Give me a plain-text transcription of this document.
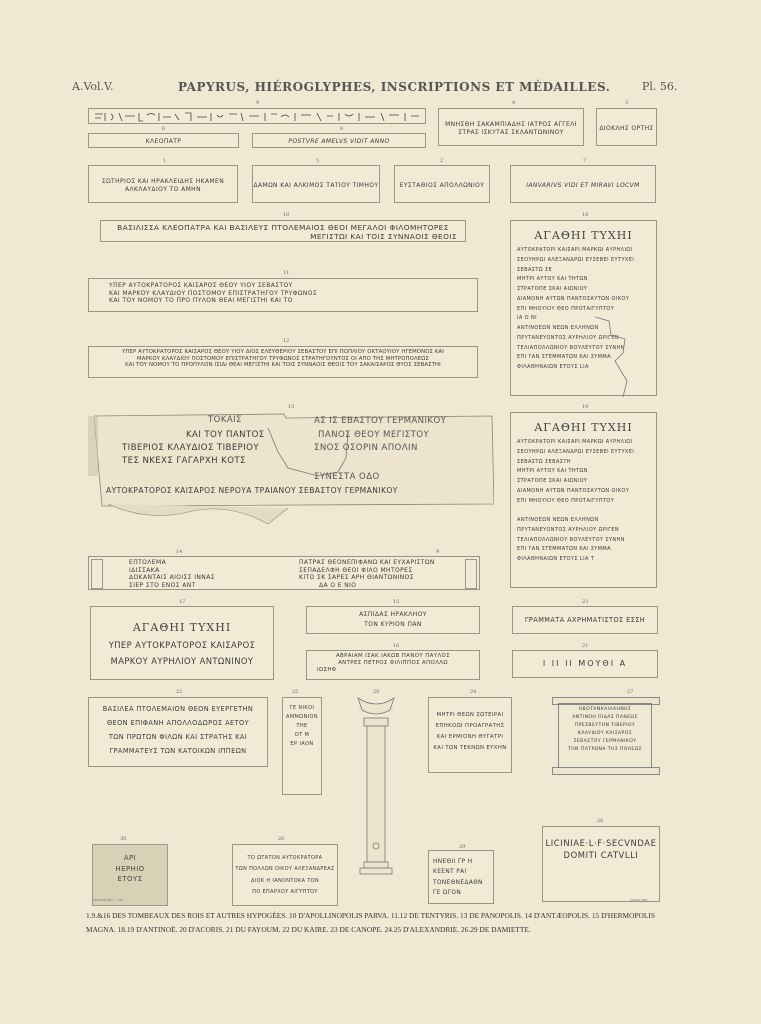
A.Vol.V.	PAPYRUS, HIÉROGLYPHES, INSCRIPTIONS ET MÉDAILLES.	Pl. 56.
9	4
ΜΝΗΣΘΗ ΣΑΚΑΜΠΙΑΔΗΣ ΙΑΤΡΟΣ ΑΓΓΕΛΙ ΣΤΡΑΣ ΙΣΚΥΤΑΣ ΣΚΛΑΝΤΩΝΙΝΟΥ
3
ΔΙΟΚΛΗΣ ΟΡΤΗΣ
6
ΚΛΕΟΠΑΤΡ
8
POSTVRE AMELVS VIDIT ANNO
1
ΣΩΤΗΡΙΟΣ ΚΑΙ ΗΡΑΚΛΕΙΔΗΣ ΗΚΑΜΕΝ ΑΛΚΛΑΥΔΙΟΥ ΤΟ ΑΜΗΝ
5
ΔΑΜΩΝ ΚΑΙ ΑΛΚΙΜΟΣ ΤΑΤΙΟΥ ΤΙΜΗΟΥ
2
ΕΥΣΤΑΘΙΟΣ ΑΠΟΛΛΩΝΙΟΥ
7
IANVARIVS VIDI ET MIRAVI LOCVM
10
ΒΑΣΙΛΙΣΣΑ ΚΛΕΟΠΑΤΡΑ ΚΑΙ ΒΑΣΙΛΕΥΣ ΠΤΟΛΕΜΑΙΟΣ ΘΕΟΙ ΜΕΓΑΛΟΙ ΦΙΛΟΜΗΤΟΡΕΣ
ΜΕΓΙΣΤΩΙ ΚΑΙ ΤΟΙΣ ΣΥΝΝΑΟΙΣ ΘΕΟΙΣ
18
ΑΓΑΘΗΙ ΤΥΧΗΙ
ΑΥΤΟΚΡΑΤΟΡΙ ΚΑΙΣΑΡΙ ΜΑΡΚΩΙ ΑΥΡΗΛΙΩΙ
ΣΕΟΥΗΡΩΙ ΑΛΕΞΑΝΔΡΩΙ ΕΥΣΕΒΕΙ ΕΥΤΥΧΕΙ
ΣΕΒΑΣΤΩ ΣΕ
ΜΗΤΡΙ ΑΥΤΟΥ ΚΑΙ ΤΗΤΩΝ
ΣΤΡΑΤΟΠΕ ΣΚΑΙ ΑΙΩΝΙΟΥ
ΔΙΑΜΟΝΗ ΑΥΤΩΝ ΠΑΝΤΟΣΑΥΤΩΝ ΟΙΚΟΥ
ΕΠΙ ΜΗΟΥΙΟΥ ΘΕΟ ΠΡΟΤΑΙΓΥΠΤΟΥ
ΙΑ Ο ΝΙ
ΑΝΤΙΝΟΕΩΝ ΝΕΩΝ ΕΛΛΗΝΩΝ
ΠΡΥΤΑΝΕΥΟΝΤΟΣ ΑΥΡΗΛΙΟΥ ΩΡΙΓΕΝ
ΤΕΛΙΑΠΟΛΛΩΝΙΟΥ ΒΟΥΛΕΥΤΟΥ ΣΥΝΗΝ
ΕΠΙ ΓΑΝ ΣΤΕΜΜΑΤΩΝ ΚΑΙ ΣΥΜΜΑ
ΦΙΛΑΘΗΝΑΙΩΝ ΕΤΟΥΣ LΙΑ
11
ΥΠΕΡ ΑΥΤΟΚΡΑΤΟΡΟΣ ΚΑΙΣΑΡΟΣ ΘΕΟΥ ΥΙΟΥ ΣΕΒΑΣΤΟΥ
ΚΑΙ ΜΑΡΚΟΥ ΚΛΑΥΔΙΟΥ ΠΟΣΤΟΜΟΥ ΕΠΙΣΤΡΑΤΗΓΟΥ ΤΡΥΦΩΝΟΣ
ΚΑΙ ΤΟΥ ΝΟΜΟΥ ΤΟ ΠΡΟ ΠΥΛΟΝ ΘΕΑΙ ΜΕΓΙΣΤΗΙ ΚΑΙ ΤΟ
12
ΥΠΕΡ ΑΥΤΟΚΡΑΤΟΡΟΣ ΚΑΙΣΑΡΟΣ ΘΕΟΥ ΥΙΟΥ ΔΙΟΣ ΕΛΕΥΘΕΡΙΟΥ ΣΕΒΑΣΤΟΥ ΕΠΙ ΠΟΠΛΙΟΥ ΟΚΤΑΟΥΙΟΥ ΗΓΕΜΟΝΟΣ ΚΑΙ
ΜΑΡΚΟΥ ΚΛΑΥΔΙΟΥ ΠΟΣΤΟΜΟΥ ΕΠΙΣΤΡΑΤΗΓΟΥ ΤΡΥΦΩΝΟΣ ΣΤΡΑΤΗΓΟΥΝΤΟΣ ΟΙ ΑΠΟ ΤΗΣ ΜΗΤΡΟΠΟΛΕΩΣ
ΚΑΙ ΤΟΥ ΝΟΜΟΥ ΤΟ ΠΡΟΠΥΛΟΝ ΙΣΙΔΙ ΘΕΑΙ ΜΕΓΙΣΤΗΙ ΚΑΙ ΤΟΙΣ ΣΥΝΝΑΟΙΣ ΘΕΟΙΣ ΤΟΥ ΣΑΚΑΙΣΑΡΟΣ ΘΥΟΣ ΣΕΒΑΣΤΗΙ
13
ΤΟΚΑΙΣ
ΚΑΙ ΤΟΥ ΠΑΝΤΟΣ
ΤΙΒΕΡΙΟΣ ΚΛΑΥΔΙΟΣ ΤΙΒΕΡΙΟΥ
ΤΕΣ ΝΚΕΧΣ ΓΑΓΑΡΧΗ ΚΟΤΣ
ΑΣ ΙΣ ΕΒΑΣΤΟΥ ΓΕΡΜΑΝΙΚΟΥ
ΠΑΝΟΣ ΘΕΟΥ ΜΕΓΙΣΤΟΥ
ΣΝΟΣ ΟΣΟΡΙΝ ΑΠΟΛΙΝ
ΣΥΝΕΣΤΑ ΟΔΟ
ΑΥΤΟΚΡΑΤΟΡΟΣ ΚΑΙΣΑΡΟΣ ΝΕΡΟΥΑ ΤΡΑΙΑΝΟΥ ΣΕΒΑΣΤΟΥ ΓΕΡΜΑΝΙΚΟΥ
19
ΑΓΑΘΗΙ ΤΥΧΗΙ
ΑΥΤΟΚΡΑΤΟΡΙ ΚΑΙΣΑΡΙ ΜΑΡΚΩΙ ΑΥΡΗΛΙΩΙ
ΣΕΟΥΗΡΩΙ ΑΛΕΞΑΝΔΡΩΙ ΕΥΣΕΒΕΙ ΕΥΤΥΧΕΙ
ΣΕΒΑΣΤΩ ΣΕΒΑΣΤΗ
ΜΗΤΡΙ ΑΥΤΟΥ ΚΑΙ ΤΗΤΩΝ
ΣΤΡΑΤΟΠΕ ΣΚΑΙ ΑΙΩΝΙΟΥ
ΔΙΑΜΟΝΗ ΑΥΤΩΝ ΠΑΝΤΟΣΑΥΤΩΝ ΟΙΚΟΥ
ΕΠΙ ΜΗΟΥΙΟΥ ΘΕΟ ΠΡΟΤΑΙΓΥΠΤΟΥ

ΑΝΤΙΝΟΕΩΝ ΝΕΩΝ ΕΛΛΗΝΩΝ
ΠΡΥΤΑΝΕΥΟΝΤΟΣ ΑΥΡΗΛΙΟΥ ΩΡΙΓΕΝ
ΤΕΛΙΑΠΟΛΛΩΝΙΟΥ ΒΟΥΛΕΥΤΟΥ ΣΥΝΗΝ
ΕΠΙ ΓΑΝ ΣΤΕΜΜΑΤΩΝ ΚΑΙ ΣΥΜΜΑ
ΦΙΛΑΘΗΝΑΙΩΝ ΕΤΟΥΣ LΙΑ Τ
14	9
ΕΠΤΟΛΕΜΑ
ΙΔΙΣΣΑΚΑ
ΔΟΚΑΝΤΑΙΣ ΑΙΟΙΣΣ ΙΝΝΑΣ
ΣΙΕΡ ΣΤΟ ΕΝΟΣ ΑΝΤ
ΠΑΤΡΑΣ ΘΕΟΝΕΠΙΦΑΝΩ ΚΑΙ ΕΥΧΑΡΙΣΤΩΝ
ΣΕΠΑΔΕΛΦΗ ΘΕΟΙ ΦΙΛΟ ΜΗΤΟΡΕΣ
ΚΙΤΟ ΣΚ ΣΑΡΕΣ ΑΡΗ ΘΙΑΝΤΩΝΙΝΟΣ
ΔΑ Ο Ε ΝΙΟ
17
ΑΓΑΘΗΙ ΤΥΧΗΙ
ΥΠΕΡ ΑΥΤΟΚΡΑΤΟΡΟΣ ΚΑΙΣΑΡΟΣ
ΜΑΡΚΟΥ ΑΥΡΗΛΙΟΥ ΑΝΤΩΝΙΝΟΥ
15
ΑΣΠΙΔΑΣ ΗΡΑΚΛΗΟΥ
ΤΟΝ ΚΥΡΙΟΝ ΠΑΝ
16
ΑΒΡΑΙΑΜ ΙΣΑΚ ΙΑΚΩΒ ΠΑΝΟΥ ΠΑΥΛΟΣ
ΑΝΤΡΕΣ ΠΕΤΡΟΣ ΦΙΛΙΠΠΟΣ ΑΠΟΛΛΩ
ΙΩΣΗΦ
23
ΓΡΑΜΜΑΤΑ ΑΧΡΗΜΑΤΙΣΤΟΣ ΕΣΣΗ
21
Ι ΙΙ ΙΙ ΜΟΥΘΙ Α
22
ΒΑΣΙΛΕΑ ΠΤΟΛΕΜΑΙΟΝ ΘΕΟΝ ΕΥΕΡΓΕΤΗΝ
ΘΕΟΝ ΕΠΙΦΑΝΗ ΑΠΟΛΛΟΔΩΡΟΣ ΑΕΤΟΥ
ΤΩΝ ΠΡΩΤΩΝ ΦΙΛΩΝ ΚΑΙ ΣΤΡΑΤΗΣ ΚΑΙ
ΓΡΑΜΜΑΤΕΥΣ ΤΩΝ ΚΑΤΟΙΚΩΝ ΙΠΠΕΩΝ
25
ΓΕ ΝΙΚΟΙ
ΑΜΜΩΝΙΟΝ
ΤΗΕ
ΟΤ Μ
ΕΡ ΙΑΟΝ
28	24
ΜΗΤΡΙ ΘΕΩΝ ΣΩΤΕΙΡΑΙ
ΕΠΗΚΟΩΙ ΠΡΟΑΓΡΑΤΗΣ
ΚΑΙ ΕΡΜΙΟΝΗ ΘΥΓΑΤΡΙ
ΚΑΙ ΤΩΝ ΤΕΚΝΩΝ ΕΥΧΗΝ
27
ΗΒΟΤΑΝΚΑΙΛΑΗΝΗΣ
ΑΝΤΙΝΟΗ ΠΙΔΑΣ ΠΑΝΕΩΣ
ΠΡΕΣΒΕΥΤΗΝ ΤΙΒΕΡΙΟΥ
ΚΛΑΥΔΙΟΥ ΚΑΙΣΑΡΟΣ
ΣΕΒΑΣΤΟΥ ΓΕΡΜΑΝΙΚΟΥ
ΤΗΝ ΠΑΤΡΩΝΑ ΤΗΣ ΠΟΛΕΩΣ
30
ΑΡΙ
ΗΕΡΗΙΟ
ΕΤΟΥΣ
20
ΤΟ ΩΤΑΤΟΝ ΑΥΤΟΚΡΑΤΟΡΑ
ΤΩΝ ΠΟΛΛΩΝ ΟΙΚΟΥ ΑΛΕΞΑΝΔΡΕΑΣ
ΔΙΟΚ Η ΙΑΝΟΝΤΟΚΑ ΤΟΝ
ΠΟ ΕΠΑΡΧΟΥ ΑΙΓΥΠΤΟΥ
29
ΗΝΕΘΙΙ ΓΡ Η
ΚΕΕΝΤ ΡΑΙ
ΤΟΝΕΘΝΕΔΑΘΝ
ΓΕ ΩΓΟΝ
26
LICINIAE·L·F·SECVNDAE
DOMITI CATVLLI
Dessiné par ... et ...	Gravé par ...
1.9.&16 DES TOMBEAUX DES ROIS ET AUTRES HYPOGÉES. 10 D'APOLLINOPOLIS PARVA. 11.12 DE TENTYRIS. 13 DE PANOPOLIS. 14 D'ANTÆOPOLIS. 15 D'HERMOPOLIS
MAGNA. 18.19 D'ANTINOË. 20 D'ACORIS. 21 DU FAYOUM. 22 DU KAIRE. 23 DE CANOPE. 24.25 D'ALEXANDRIE. 26.29 DE DAMIETTE.
